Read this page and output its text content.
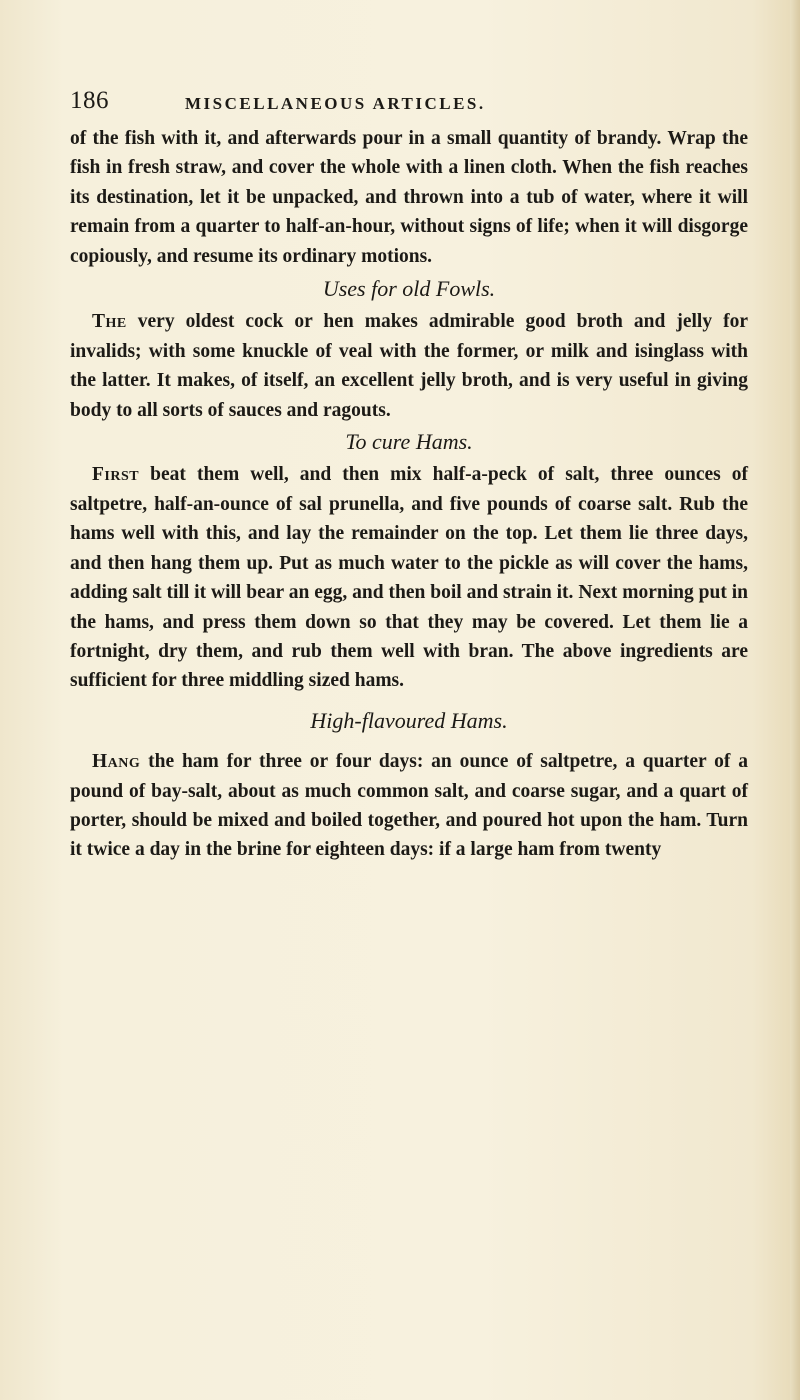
186	MISCELLANEOUS ARTICLES.

of the fish with it, and afterwards pour in a small quantity of brandy. Wrap the fish in fresh straw, and cover the whole with a linen cloth. When the fish reaches its destination, let it be unpacked, and thrown into a tub of water, where it will remain from a quarter to half-an-hour, without signs of life; when it will disgorge copiously, and resume its ordinary motions.

Uses for old Fowls.

The very oldest cock or hen makes admirable good broth and jelly for invalids; with some knuckle of veal with the former, or milk and isinglass with the latter. It makes, of itself, an excellent jelly broth, and is very useful in giving body to all sorts of sauces and ragouts.

To cure Hams.

First beat them well, and then mix half-a-peck of salt, three ounces of saltpetre, half-an-ounce of sal prunella, and five pounds of coarse salt. Rub the hams well with this, and lay the remainder on the top. Let them lie three days, and then hang them up. Put as much water to the pickle as will cover the hams, adding salt till it will bear an egg, and then boil and strain it. Next morning put in the hams, and press them down so that they may be covered. Let them lie a fortnight, dry them, and rub them well with bran. The above ingredients are sufficient for three middling sized hams.

High-flavoured Hams.

Hang the ham for three or four days: an ounce of saltpetre, a quarter of a pound of bay-salt, about as much common salt, and coarse sugar, and a quart of porter, should be mixed and boiled together, and poured hot upon the ham. Turn it twice a day in the brine for eighteen days: if a large ham from twenty
